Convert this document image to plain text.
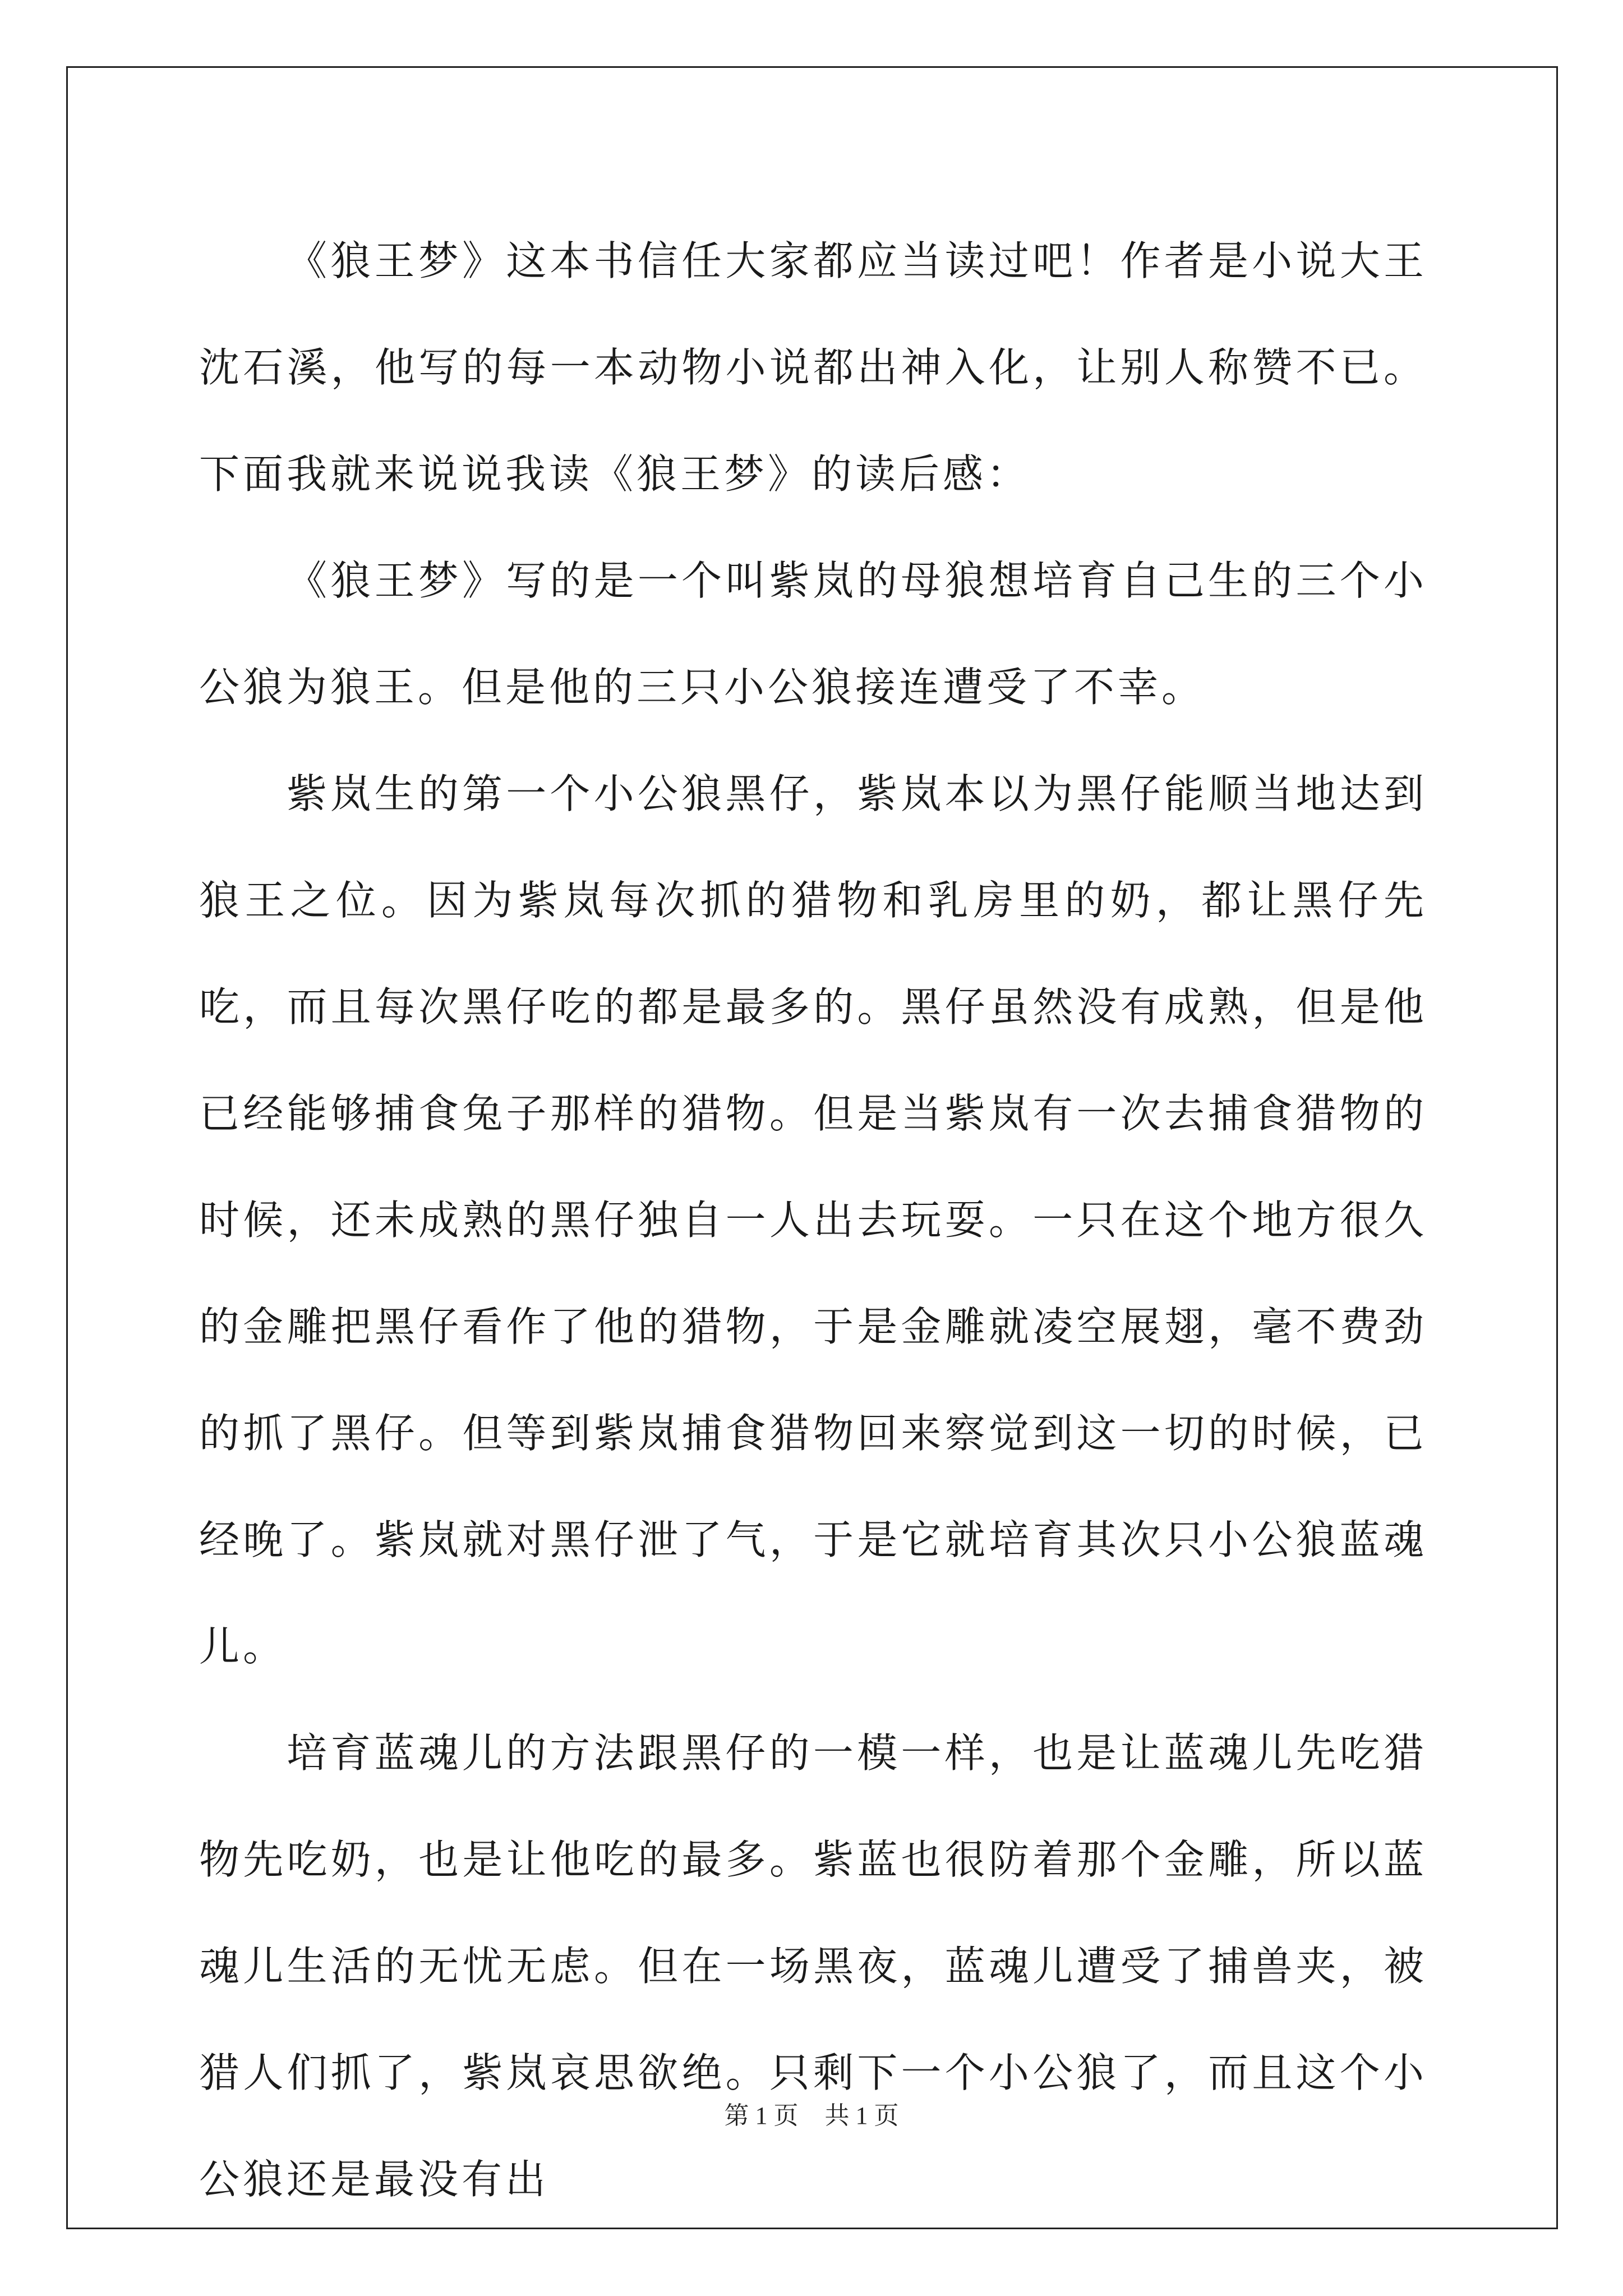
《狼王梦》这本书信任大家都应当读过吧！作者是小说大王沈石溪，他写的每一本动物小说都出神入化，让别人称赞不已。下面我就来说说我读《狼王梦》的读后感：

《狼王梦》写的是一个叫紫岚的母狼想培育自己生的三个小公狼为狼王。但是他的三只小公狼接连遭受了不幸。

紫岚生的第一个小公狼黑仔，紫岚本以为黑仔能顺当地达到狼王之位。因为紫岚每次抓的猎物和乳房里的奶，都让黑仔先吃，而且每次黑仔吃的都是最多的。黑仔虽然没有成熟，但是他已经能够捕食兔子那样的猎物。但是当紫岚有一次去捕食猎物的时候，还未成熟的黑仔独自一人出去玩耍。一只在这个地方很久的金雕把黑仔看作了他的猎物，于是金雕就凌空展翅，毫不费劲的抓了黑仔。但等到紫岚捕食猎物回来察觉到这一切的时候，已经晚了。紫岚就对黑仔泄了气，于是它就培育其次只小公狼蓝魂儿。

培育蓝魂儿的方法跟黑仔的一模一样，也是让蓝魂儿先吃猎物先吃奶，也是让他吃的最多。紫蓝也很防着那个金雕，所以蓝魂儿生活的无忧无虑。但在一场黑夜，蓝魂儿遭受了捕兽夹，被猎人们抓了，紫岚哀思欲绝。只剩下一个小公狼了，而且这个小公狼还是最没有出

第 1 页 共 1 页
